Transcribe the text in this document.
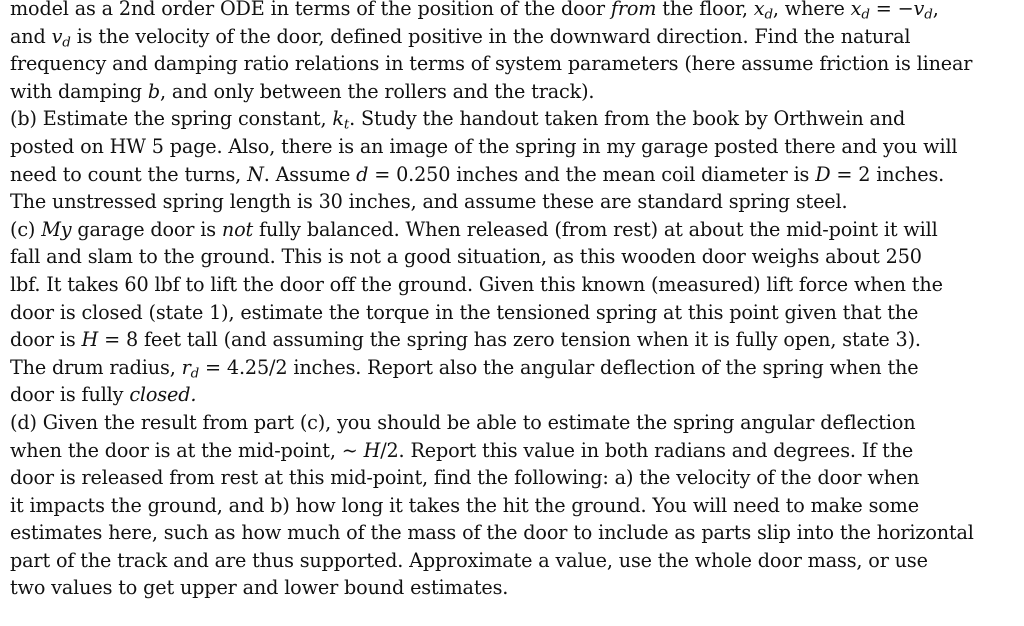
model as a 2nd order ODE in terms of the position of the door from the floor, $x_d$, where $x_d = -v_d$,
and $v_d$ is the velocity of the door, defined positive in the downward direction. Find the natural
frequency and damping ratio relations in terms of system parameters (here assume friction is linear
with damping b, and only between the rollers and the track).
(b) Estimate the spring constant, $k_t$. Study the handout taken from the book by Orthwein and
posted on HW 5 page. Also, there is an image of the spring in my garage posted there and you will
need to count the turns, N. Assume d = 0.250 inches and the mean coil diameter is D = 2 inches.
The unstressed spring length is 30 inches, and assume these are standard spring steel.
(c) My garage door is not fully balanced. When released (from rest) at about the mid-point it will
fall and slam to the ground. This is not a good situation, as this wooden door weighs about 250
lbf. It takes 60 lbf to lift the door off the ground. Given this known (measured) lift force when the
door is closed (state 1), estimate the torque in the tensioned spring at this point given that the
door is H = 8 feet tall (and assuming the spring has zero tension when it is fully open, state 3).
The drum radius, $r_d = 4.25/2$ inches. Report also the angular deflection of the spring when the
door is fully closed.
(d) Given the result from part (c), you should be able to estimate the spring angular deflection
when the door is at the mid-point, ∼ H/2. Report this value in both radians and degrees. If the
door is released from rest at this mid-point, find the following: a) the velocity of the door when
it impacts the ground, and b) how long it takes the hit the ground. You will need to make some
estimates here, such as how much of the mass of the door to include as parts slip into the horizontal
part of the track and are thus supported. Approximate a value, use the whole door mass, or use
two values to get upper and lower bound estimates.
